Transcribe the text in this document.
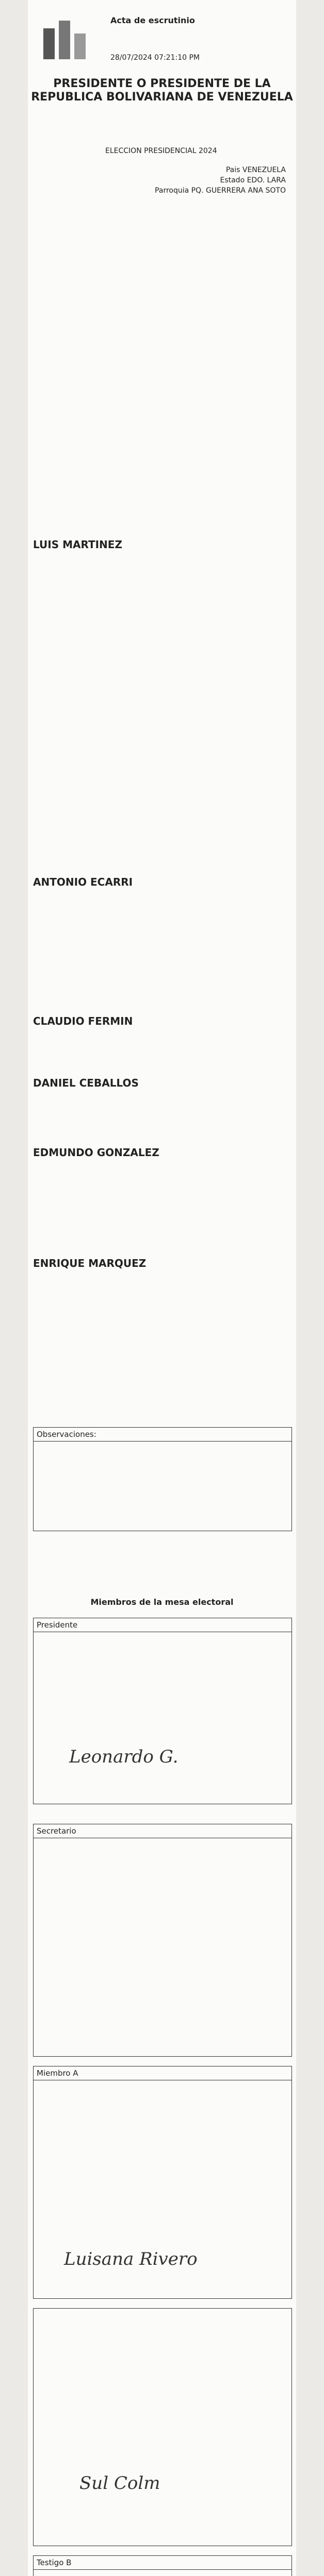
Acta de escrutinio
28/07/2024 07:21:10 PM
PRESIDENTE O PRESIDENTE DE LA REPUBLICA BOLIVARIANA DE VENEZUELA
ELECCION PRESIDENCIAL 2024
Pais VENEZUELA
Estado EDO. LARA
Parroquia PQ. GUERRERA ANA SOTO
LUIS MARTINEZ
ANTONIO ECARRI
CLAUDIO FERMIN
DANIEL CEBALLOS
EDMUNDO GONZALEZ
ENRIQUE MARQUEZ
Observaciones:
Miembros de la mesa electoral
Presidente
Leonardo G.
Secretario
Miembro A
Luisana Rivero
Sul Colm
Testigo B
